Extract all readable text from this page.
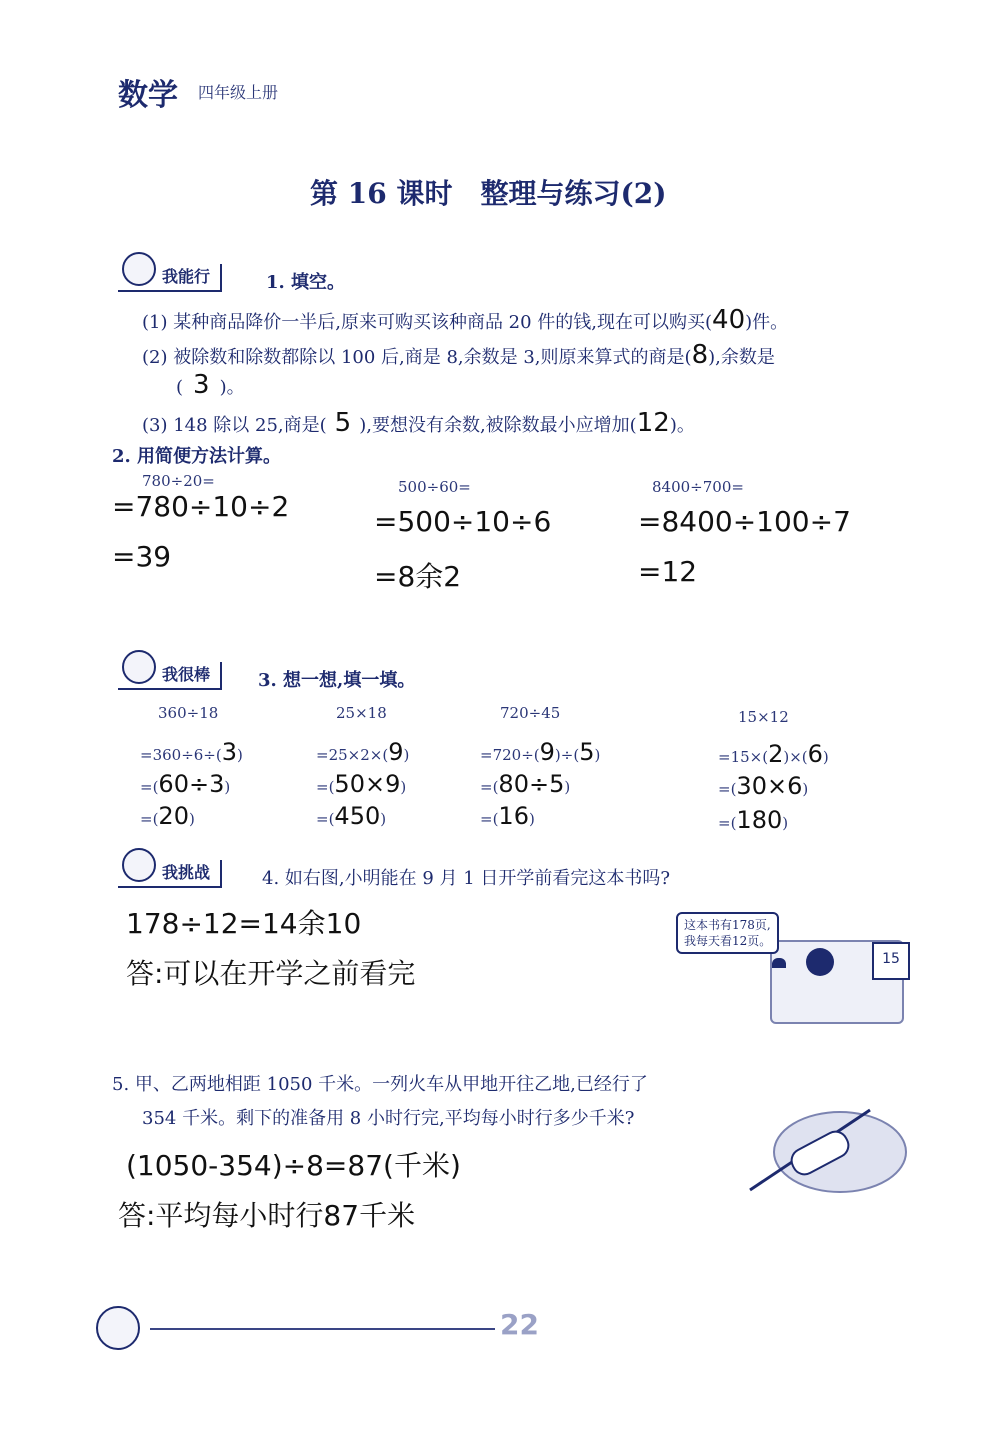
数学 四年级上册
第 16 课时　整理与练习(2)
我能行	1. 填空。
(1) 某种商品降价一半后,原来可购买该种商品 20 件的钱,现在可以购买(40)件。
(2) 被除数和除数都除以 100 后,商是 8,余数是 3,则原来算式的商是(8),余数是
( 3 )。
(3) 148 除以 25,商是( 5 ),要想没有余数,被除数最小应增加(12)。
2. 用简便方法计算。
780÷20=
=780÷10÷2
=39
500÷60=
=500÷10÷6
=8余2
8400÷700=
=8400÷100÷7
=12
我很棒	3. 想一想,填一填。
360÷18
=360÷6÷(3)
=(60÷3)
=(20)
25×18
=25×2×(9)
=(50×9)
=(450)
720÷45
=720÷(9)÷(5)
=(80÷5)
=(16)
15×12
=15×(2)×(6)
=(30×6)
=(180)
我挑战	4. 如右图,小明能在 9 月 1 日开学前看完这本书吗?
178÷12=14余10
答:可以在开学之前看完
这本书有178页,
我每天看12页。
15
5. 甲、乙两地相距 1050 千米。一列火车从甲地开往乙地,已经行了
354 千米。剩下的准备用 8 小时行完,平均每小时行多少千米?
(1050-354)÷8=87(千米)
答:平均每小时行87千米
22
